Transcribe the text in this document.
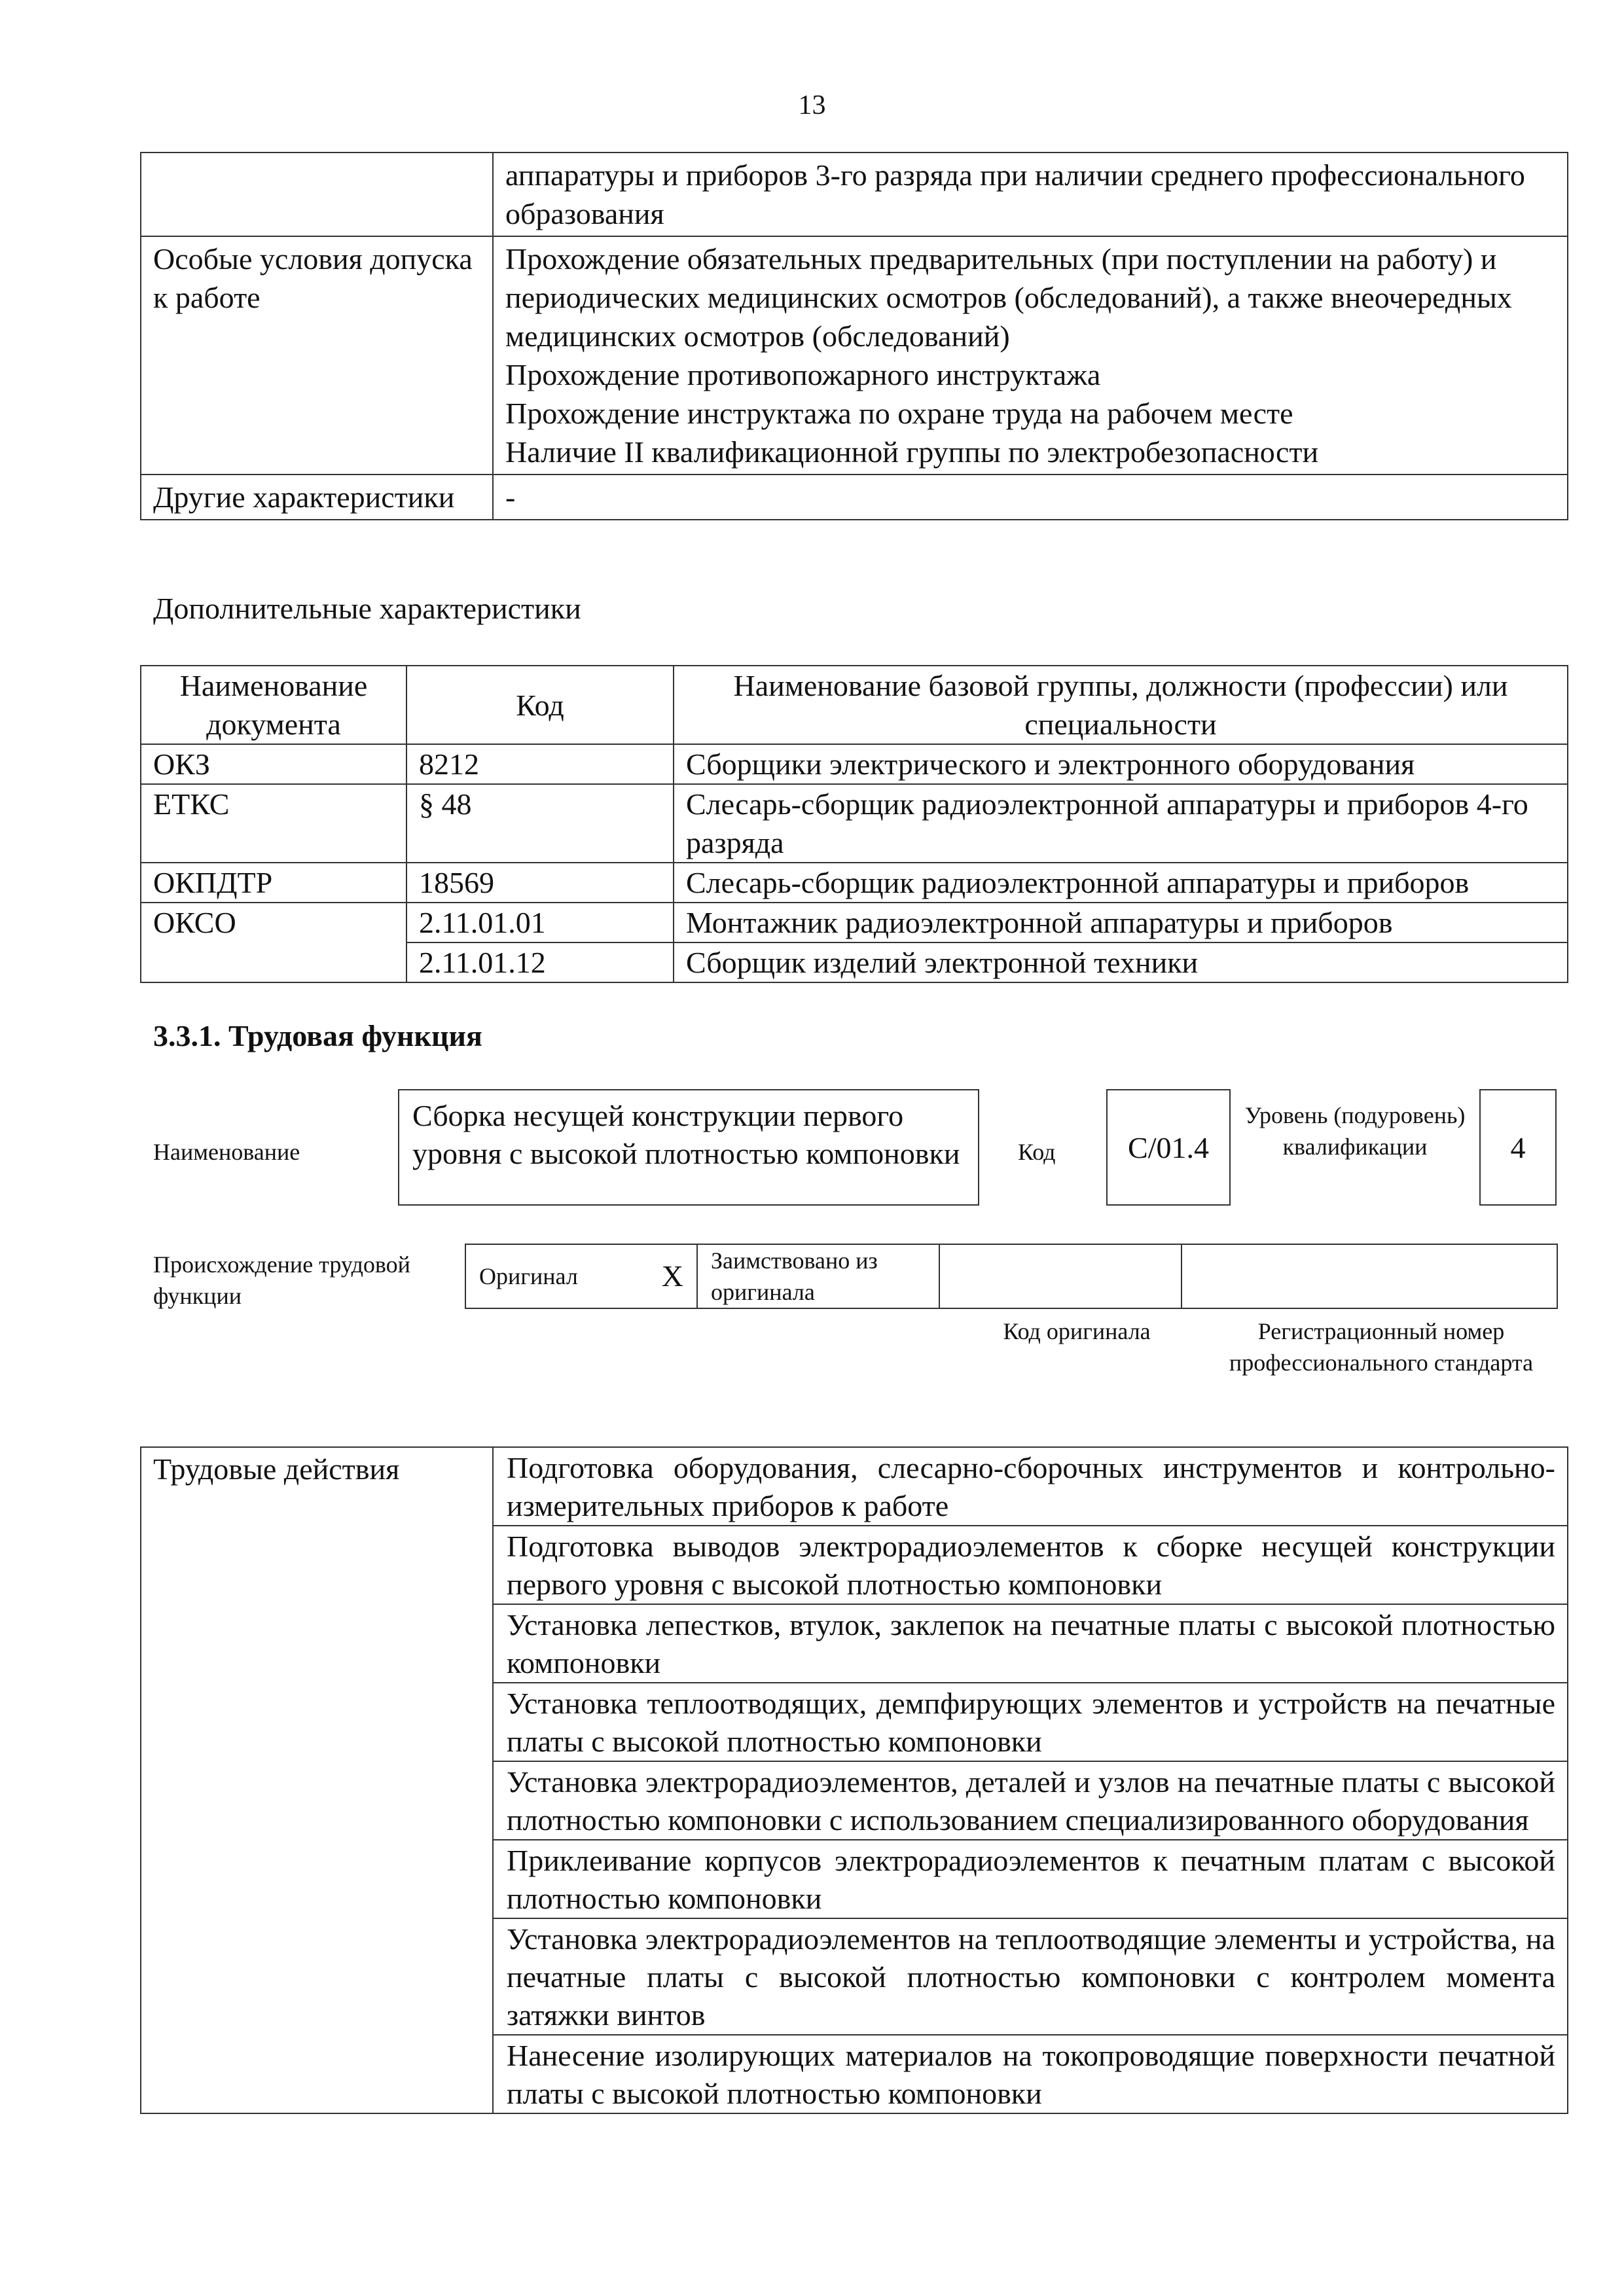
13

	аппаратуры и приборов 3-го разряда при наличии среднего профессионального образования

Особые условия допуска к работе	Прохождение обязательных предварительных (при поступлении на работу) и периодических медицинских осмотров (обследований), а также внеочередных медицинских осмотров (обследований)
Прохождение противопожарного инструктажа
Прохождение инструктажа по охране труда на рабочем месте
Наличие II квалификационной группы по электробезопасности

Другие характеристики	-
Дополнительные характеристики
Наименование документа	Код	Наименование базовой группы, должности (профессии) или специальности
ОКЗ	8212	Сборщики электрического и электронного оборудования
ЕТКС	§ 48	Слесарь-сборщик радиоэлектронной аппаратуры и приборов 4-го разряда
ОКПДТР	18569	Слесарь-сборщик радиоэлектронной аппаратуры и приборов
ОКСО	2.11.01.01	Монтажник радиоэлектронной аппаратуры и приборов
	2.11.01.12	Сборщик изделий электронной техники
3.3.1. Трудовая функция
Наименование
Сборка несущей конструкции первого уровня с высокой плотностью компоновки	Код	C/01.4
Уровень (подуровень) квалификации	4
Происхождение трудовой функции
Оригинал	X	Заимствовано из оригинала		
Код оригинала	Регистрационный номер профессионального стандарта
Трудовые действия	Подготовка оборудования, слесарно-сборочных инструментов и контрольно-измерительных приборов к работе
Подготовка выводов электрорадиоэлементов к сборке несущей конструкции первого уровня с высокой плотностью компоновки
Установка лепестков, втулок, заклепок на печатные платы с высокой плотностью компоновки
Установка теплоотводящих, демпфирующих элементов и устройств на печатные платы с высокой плотностью компоновки
Установка электрорадиоэлементов, деталей и узлов на печатные платы с высокой плотностью компоновки с использованием специализированного оборудования
Приклеивание корпусов электрорадиоэлементов к печатным платам с высокой плотностью компоновки
Установка электрорадиоэлементов на теплоотводящие элементы и устройства, на печатные платы с высокой плотностью компоновки с контролем момента затяжки винтов
Нанесение изолирующих материалов на токопроводящие поверхности печатной платы с высокой плотностью компоновки
